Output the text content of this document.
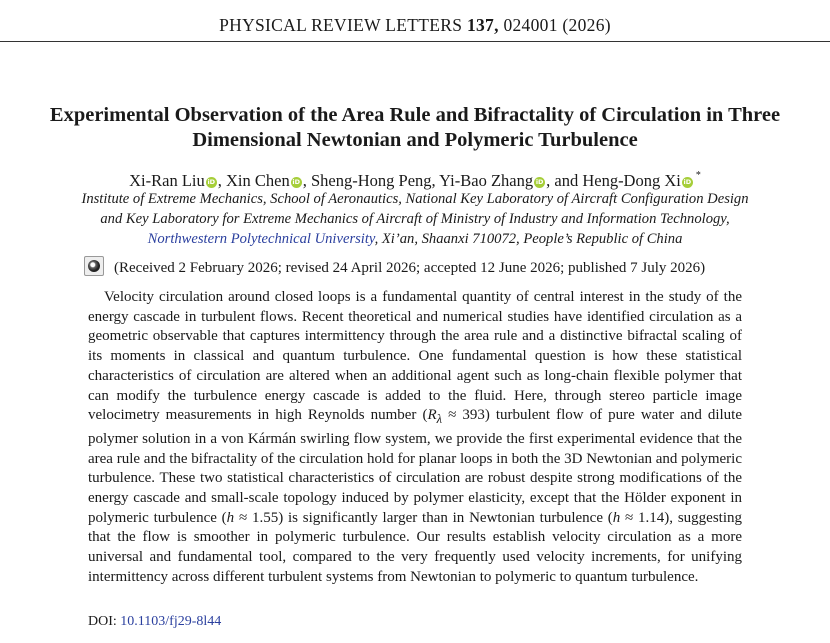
PHYSICAL REVIEW LETTERS 137, 024001 (2026)
Experimental Observation of the Area Rule and Bifractality of Circulation in Three Dimensional Newtonian and Polymeric Turbulence
Xi-Ran Liu iD , Xin Chen iD , Sheng-Hong Peng, Yi-Bao Zhang iD , and Heng-Dong Xi iD*
Institute of Extreme Mechanics, School of Aeronautics, National Key Laboratory of Aircraft Configuration Design
and Key Laboratory for Extreme Mechanics of Aircraft of Ministry of Industry and Information Technology,
Northwestern Polytechnical University, Xi’an, Shaanxi 710072, People’s Republic of China
(Received 2 February 2026; revised 24 April 2026; accepted 12 June 2026; published 7 July 2026)
Velocity circulation around closed loops is a fundamental quantity of central interest in the study of the energy cascade in turbulent flows. Recent theoretical and numerical studies have identified circulation as a geometric observable that captures intermittency through the area rule and a distinctive bifractal scaling of its moments in classical and quantum turbulence. One fundamental question is how these statistical characteristics of circulation are altered when an additional agent such as long-chain flexible polymer that can modify the turbulence energy cascade is added to the fluid. Here, through stereo particle image velocimetry measurements in high Reynolds number $(R_\lambda \approx 393)$ turbulent flow of pure water and dilute polymer solution in a von Kármán swirling flow system, we provide the first experimental evidence that the area rule and the bifractality of the circulation hold for planar loops in both the 3D Newtonian and polymeric turbulence. These two statistical characteristics of circulation are robust despite strong modifications of the energy cascade and small-scale topology induced by polymer elasticity, except that the Hölder exponent in polymeric turbulence (h ≈ 1.55) is significantly larger than in Newtonian turbulence (h ≈ 1.14), suggesting that the flow is smoother in polymeric turbulence. Our results establish velocity circulation as a more universal and fundamental tool, compared to the very frequently used velocity increments, for unifying intermittency across different turbulent systems from Newtonian to polymeric to quantum turbulence.
DOI: 10.1103/fj29-8l44
